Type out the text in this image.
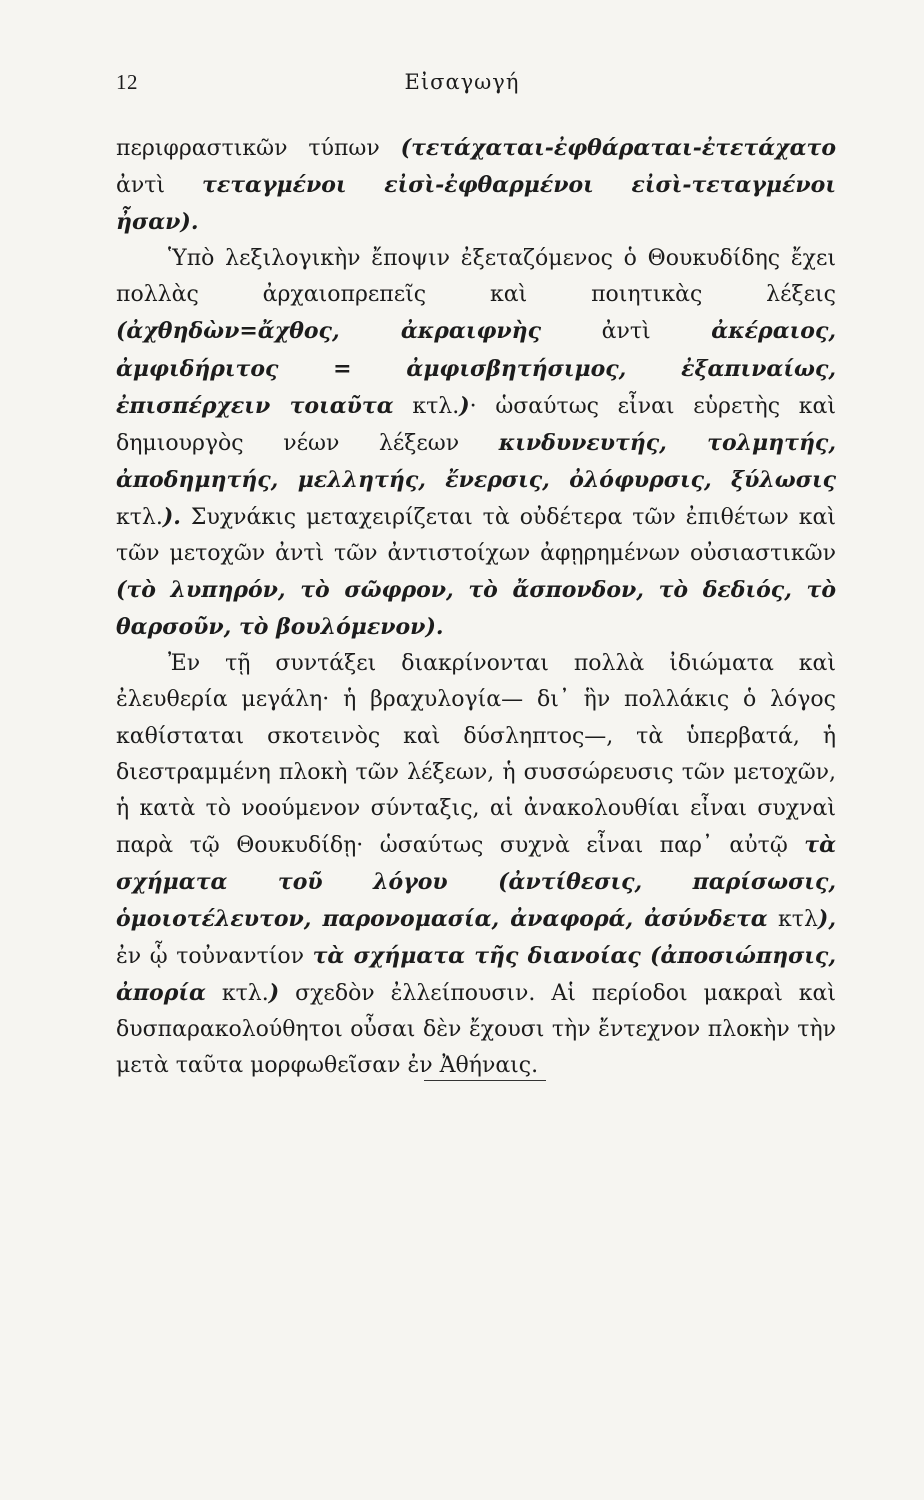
12	Εἰσαγωγή

περιφραστικῶν τύπων (τετάχαται-ἐφθάραται-ἐτετάχατο ἀντὶ τεταγμένοι εἰσὶ-ἐφθαρμένοι εἰσὶ-τεταγμένοι ἦσαν).

Ὑπὸ λεξιλογικὴν ἔποψιν ἐξεταζόμενος ὁ Θουκυδίδης ἔχει πολλὰς ἀρχαιοπρεπεῖς καὶ ποιητικὰς λέξεις (ἀχθηδὼν=ἄχθος, ἀκραιφνὴς ἀντὶ ἀκέραιος, ἀμφιδήριτος = ἀμφισβητήσιμος, ἐξαπιναίως, ἐπισπέρχειν τοιαῦτα κτλ.)· ὡσαύτως εἶναι εὑρετὴς καὶ δημιουργὸς νέων λέξεων κινδυνευτής, τολμητής, ἀποδημητής, μελλητής, ἔνερσις, ὀλόφυρσις, ξύλωσις κτλ.). Συχνάκις μεταχειρίζεται τὰ οὐδέτερα τῶν ἐπιθέτων καὶ τῶν μετοχῶν ἀντὶ τῶν ἀντιστοίχων ἀφῃρημένων οὐσιαστικῶν (τὸ λυπηρόν, τὸ σῶφρον, τὸ ἄσπονδον, τὸ δεδιός, τὸ θαρσοῦν, τὸ βουλόμενον).

Ἐν τῇ συντάξει διακρίνονται πολλὰ ἰδιώματα καὶ ἐλευθερία μεγάλη· ἡ βραχυλογία— δι᾽ ἣν πολλάκις ὁ λόγος καθίσταται σκοτεινὸς καὶ δύσληπτος—, τὰ ὑπερβατά, ἡ διεστραμμένη πλοκὴ τῶν λέξεων, ἡ συσσώρευσις τῶν μετοχῶν, ἡ κατὰ τὸ νοούμενον σύνταξις, αἱ ἀνακολουθίαι εἶναι συχναὶ παρὰ τῷ Θουκυδίδῃ· ὡσαύτως συχνὰ εἶναι παρ᾽ αὐτῷ τὰ σχήματα τοῦ λόγου (ἀντίθεσις, παρίσωσις, ὁμοιοτέλευτον, παρονομασία, ἀναφορά, ἀσύνδετα κτλ), ἐν ᾧ τοὐναντίον τὰ σχήματα τῆς διανοίας (ἀποσιώπησις, ἀπορία κτλ.) σχεδὸν ἐλλείπουσιν. Αἱ περίοδοι μακραὶ καὶ δυσπαρακολούθητοι οὖσαι δὲν ἔχουσι τὴν ἔντεχνον πλοκὴν τὴν μετὰ ταῦτα μορφωθεῖσαν ἐν Ἀθήναις.
